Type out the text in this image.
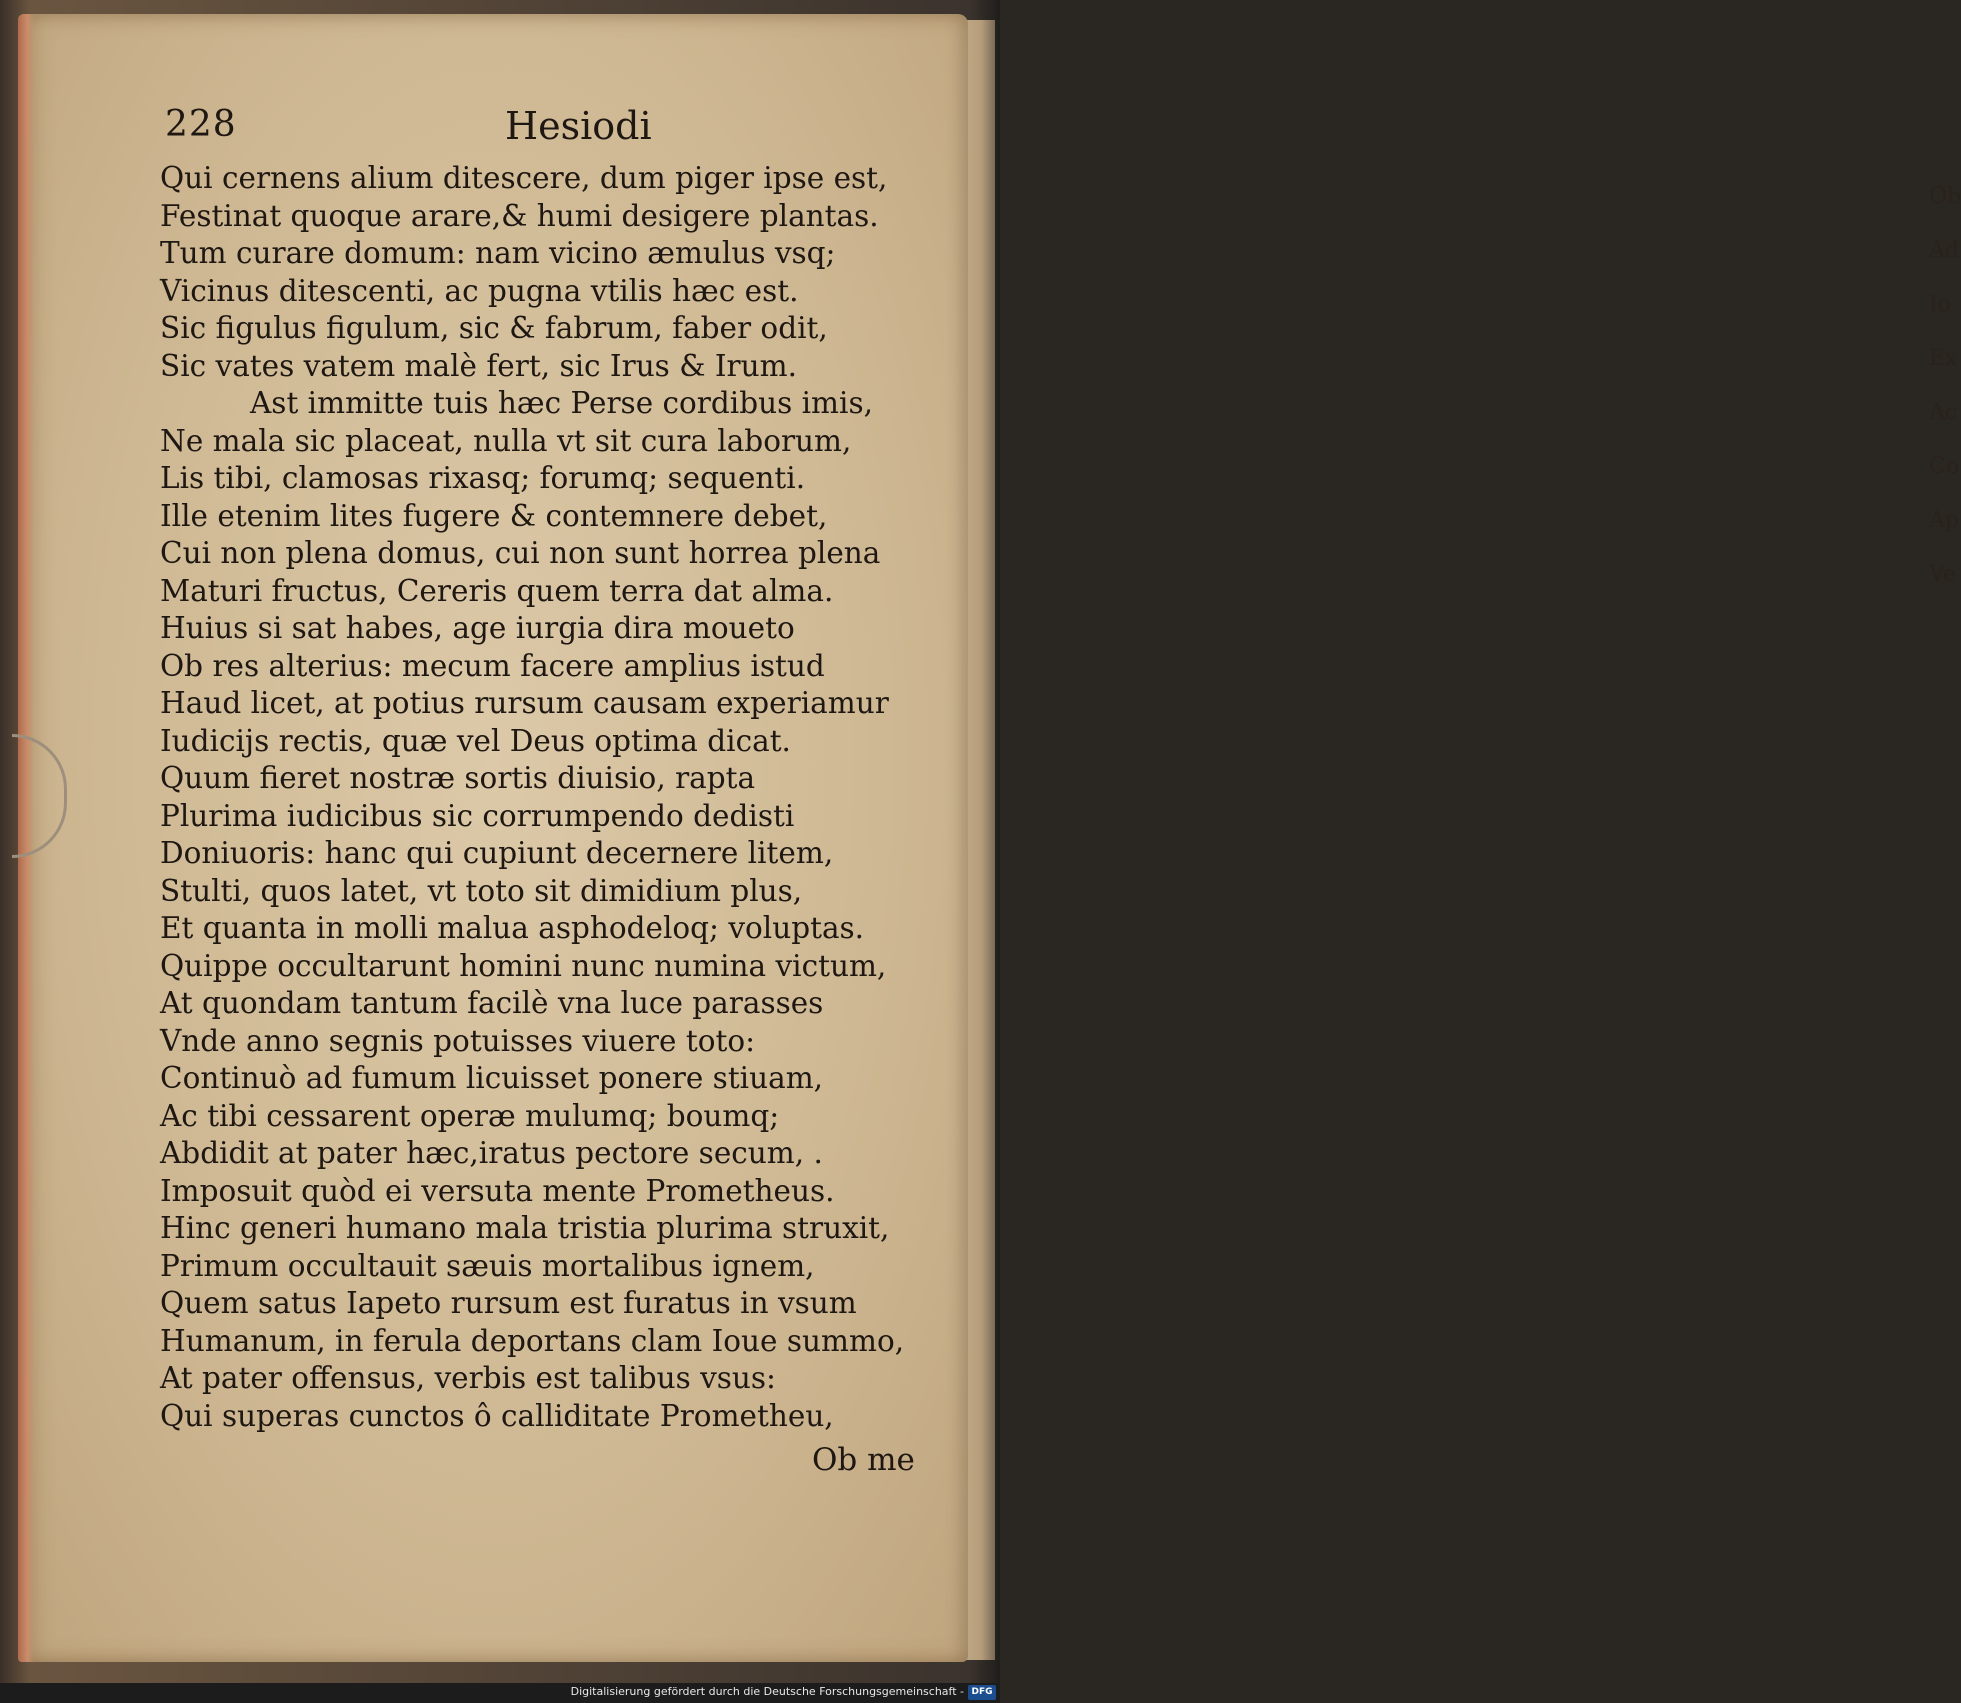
Ob
Ad
Io
Ex
Ac
Co
Ap
Ve
228	Hesiodi
Qui cernens alium ditescere, dum piger ipse est,
Festinat quoque arare,& humi desigere plantas.
Tum curare domum: nam vicino æmulus vsq;
Vicinus ditescenti, ac pugna vtilis hæc est.
Sic figulus figulum, sic & fabrum, faber odit,
Sic vates vatem malè fert, sic Irus & Irum.
Ast immitte tuis hæc Perse cordibus imis,
Ne mala sic placeat, nulla vt sit cura laborum,
Lis tibi, clamosas rixasq; forumq; sequenti.
Ille etenim lites fugere & contemnere debet,
Cui non plena domus, cui non sunt horrea plena
Maturi fructus, Cereris quem terra dat alma.
Huius si sat habes, age iurgia dira moueto
Ob res alterius: mecum facere amplius istud
Haud licet, at potius rursum causam experiamur
Iudicijs rectis, quæ vel Deus optima dicat.
Quum fieret nostræ sortis diuisio, rapta
Plurima iudicibus sic corrumpendo dedisti
Doniuoris: hanc qui cupiunt decernere litem,
Stulti, quos latet, vt toto sit dimidium plus,
Et quanta in molli malua asphodeloq; voluptas.
Quippe occultarunt homini nunc numina victum,
At quondam tantum facilè vna luce parasses
Vnde anno segnis potuisses viuere toto:
Continuò ad fumum licuisset ponere stiuam,
Ac tibi cessarent operæ mulumq; boumq;
Abdidit at pater hæc,iratus pectore secum, .
Imposuit quòd ei versuta mente Prometheus.
Hinc generi humano mala tristia plurima struxit,
Primum occultauit sæuis mortalibus ignem,
Quem satus Iapeto rursum est furatus in vsum
Humanum, in ferula deportans clam Ioue summo,
At pater offensus, verbis est talibus vsus:
Qui superas cunctos ô calliditate Prometheu,
Ob me
Digitalisierung gefördert durch die Deutsche Forschungsgemeinschaft - DFG
